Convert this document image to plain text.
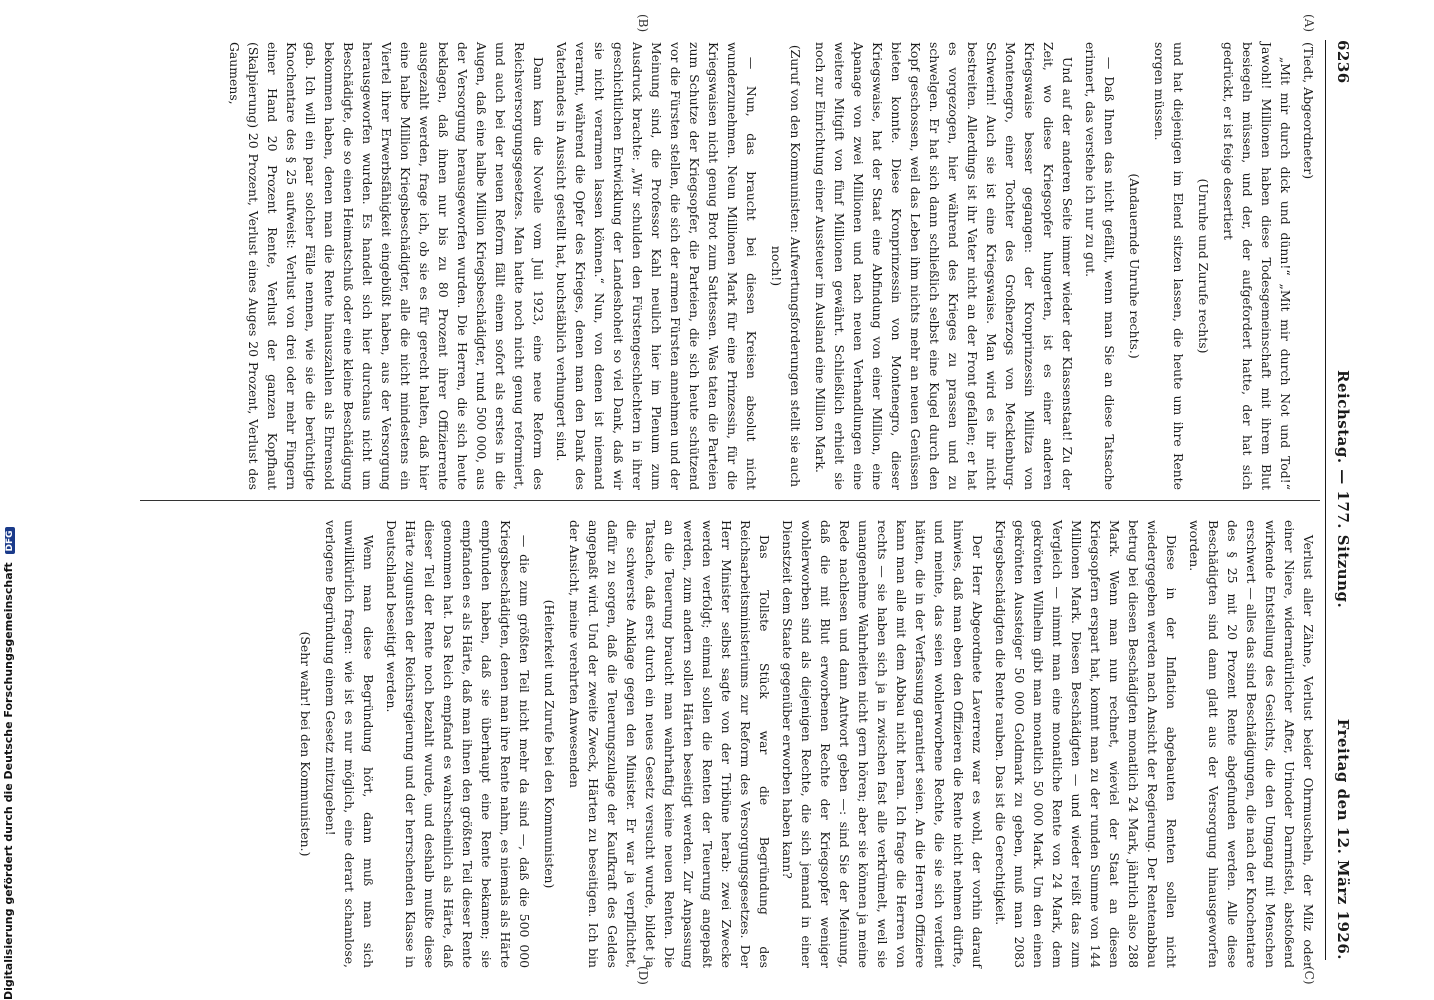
6236
Reichstag. — 177. Sitzung.
Freitag den 12. März 1926.
(A)
(B)
(C)
(D)

(Tiedt, Abgeordneter)

„Mit mir durch dick und dünn!“ „Mit mir durch Not und Tod!“ Jawohl! Millionen haben diese Todesgemeinschaft mit ihrem Blut besiegeln müssen, und der, der aufgefordert hatte, der hat sich gedrückt, er ist feige desertiert

(Unruhe und Zurufe rechts)

und hat diejenigen im Elend sitzen lassen, die heute um ihre Rente sorgen müssen.

(Andauernde Unruhe rechts.)

— Daß Ihnen das nicht gefällt, wenn man Sie an diese Tatsache erinnert, das verstehe ich nur zu gut.

Und auf der anderen Seite immer wieder der Klassenstaat! Zu der Zeit, wo diese Kriegsopfer hungerten, ist es einer anderen Kriegswaise besser gegangen: der Kronprinzessin Militza von Montenegro, einer Tochter des Großherzogs von Mecklenburg-Schwerin! Auch sie ist eine Kriegswaise. Man wird es ihr nicht bestreiten. Allerdings ist ihr Vater nicht an der Front gefallen; er hat es vorgezogen, hier während des Krieges zu prassen und zu schwelgen. Er hat sich dann schließlich selbst eine Kugel durch den Kopf geschossen, weil das Leben ihm nichts mehr an neuen Genüssen bieten konnte. Diese Kronprinzessin von Montenegro, dieser Kriegswaise, hat der Staat eine Abfindung von einer Million, eine Apanage von zwei Millionen und nach neuen Verhandlungen eine weitere Mitgift von fünf Millionen gewährt. Schließlich erhielt sie noch zur Einrichtung einer Aussteuer im Ausland eine Million Mark.

(Zuruf von den Kommunisten: Aufwertungsforderungen stellt sie auch noch!)

— Nun, das braucht bei diesen Kreisen absolut nicht wunderzunehmen. Neun Millionen Mark für eine Prinzessin, für die Kriegswaisen nicht genug Brot zum Sattessen. Was taten die Parteien zum Schutze der Kriegsopfer, die Parteien, die sich heute schützend vor die Fürsten stellen, die sich der armen Fürsten annehmen und der Meinung sind, die Professor Kahl neulich hier im Plenum zum Ausdruck brachte: „Wir schulden den Fürstengeschlechtern in ihrer geschichtlichen Entwicklung der Landeshoheit so viel Dank, daß wir sie nicht verarmen lassen können.“ Nun, von denen ist niemand verarmt, während die Opfer des Krieges, denen man den Dank des Vaterlandes in Aussicht gestellt hat, buchstäblich verhungert sind.

Dann kam die Novelle vom Juli 1923, eine neue Reform des Reichsversorgungsgesetzes. Man hatte noch nicht genug reformiert, und auch bei der neuen Reform fällt einem sofort als erstes in die Augen, daß eine halbe Million Kriegsbeschädigter, rund 500 000, aus der Versorgung herausgeworfen wurden. Die Herren, die sich heute beklagen, daß ihnen nur bis zu 80 Prozent ihrer Offizierrente ausgezahlt werden, frage ich, ob sie es für gerecht halten, daß hier eine halbe Million Kriegsbeschädigter, alle die nicht mindestens ein Viertel ihrer Erwerbsfähigkeit eingebüßt haben, aus der Versorgung herausgeworfen wurden. Es handelt sich hier durchaus nicht um Beschädigte, die so einen Heimatschuß oder eine kleine Beschädigung bekommen haben, denen man die Rente hinauszahlen als Ehrensold gab. Ich will ein paar solcher Fälle nennen, wie sie die berüchtigte Knochentare des § 25 aufweist: Verlust von drei oder mehr Fingern einer Hand 20 Prozent Rente, Verlust der ganzen Kopfhaut (Skalpierung) 20 Prozent, Verlust eines Auges 20 Prozent, Verlust des Gaumens,

Verlust aller Zähne, Verlust beider Ohrmuscheln, der Milz oder einer Niere, widernatürlicher After, Urinoder Darmfistel, abstoßend wirkende Entstellung des Gesichts, die den Umgang mit Menschen erschwert — alles das sind Beschädigungen, die nach der Knochentare des § 25 mit 20 Prozent Rente abgefunden werden. Alle diese Beschädigten sind dann glatt aus der Versorgung hinausgeworfen worden.

Diese in der Inflation abgebauten Renten sollen nicht wiedergegeben werden nach Ansicht der Regierung. Der Rentenabbau betrug bei diesen Beschädigten monatlich 24 Mark, jährlich also 288 Mark. Wenn man nun rechnet, wieviel der Staat an diesen Kriegsopfern erspart hat, kommt man zu der runden Summe von 144 Millionen Mark. Diesen Beschädigten — und wieder reißt das zum Vergleich — nimmt man eine monatliche Rente von 24 Mark, dem gekrönten Wilhelm gibt man monatlich 50 000 Mark. Um den einen gekrönten Aussteiger 50 000 Goldmark zu geben, muß man 2083 Kriegsbeschädigten die Rente rauben. Das ist die Gerechtigkeit.

Der Herr Abgeordnete Laverrenz war es wohl, der vorhin darauf hinwies, daß man eben den Offizieren die Rente nicht nehmen dürfte, und meinte, das seien wohlerworbene Rechte, die sie sich verdient hätten, die in der Verfassung garantiert seien. An die Herren Offiziere kann man alle mit dem Abbau nicht heran. Ich frage die Herren von rechts — sie haben sich ja in zwischen fast alle verkrümelt, weil sie unangenehme Wahrheiten nicht gern hören; aber sie können ja meine Rede nachlesen und dann Antwort geben —: sind Sie der Meinung, daß die mit Blut erworbenen Rechte der Kriegsopfer weniger wohlerworben sind als diejenigen Rechte, die sich jemand in einer Dienstzeit dem Staate gegenüber erworben haben kann?

Das Tollste Stück war die Begründung des Reichsarbeitsministeriums zur Reform des Versorgungsgesetzes. Der Herr Minister selbst sagte von der Tribüne herab: zwei Zwecke werden verfolgt; einmal sollen die Renten der Teuerung angepaßt werden, zum andern sollen Härten beseitigt werden. Zur Anpassung an die Teuerung braucht man wahrhaftig keine neuen Renten. Die Tatsache, daß erst durch ein neues Gesetz versucht wurde, bildet ja die schwerste Anklage gegen den Minister. Er war ja verpflichtet, dafür zu sorgen, daß die Teuerungszulage der Kaufkraft des Geldes angepaßt wird. Und der zweite Zweck, Härten zu beseitigen. Ich bin der Ansicht, meine verehrten Anwesenden

(Heiterkeit und Zurufe bei den Kommunisten)

— die zum größten Teil nicht mehr da sind —, daß die 500 000 Kriegsbeschädigten, denen man ihre Rente nahm, es niemals als Härte empfunden haben, daß sie überhaupt eine Rente bekamen; sie empfanden es als Härte, daß man ihnen den größten Teil dieser Rente genommen hat. Das Reich empfand es wahrscheinlich als Härte, daß dieser Teil der Rente noch bezahlt wurde, und deshalb mußte diese Härte zugunsten der Reichsregierung und der herrschenden Klasse in Deutschland beseitigt werden.

Wenn man diese Begründung hört, dann muß man sich unwillkürlich fragen: wie ist es nur möglich, eine derart schamlose, verlogene Begründung einem Gesetz mitzugeben!

(Sehr wahr! bei den Kommunisten.)

Digitalisierung gefördert durch die Deutsche Forschungsgemeinschaft DFG
